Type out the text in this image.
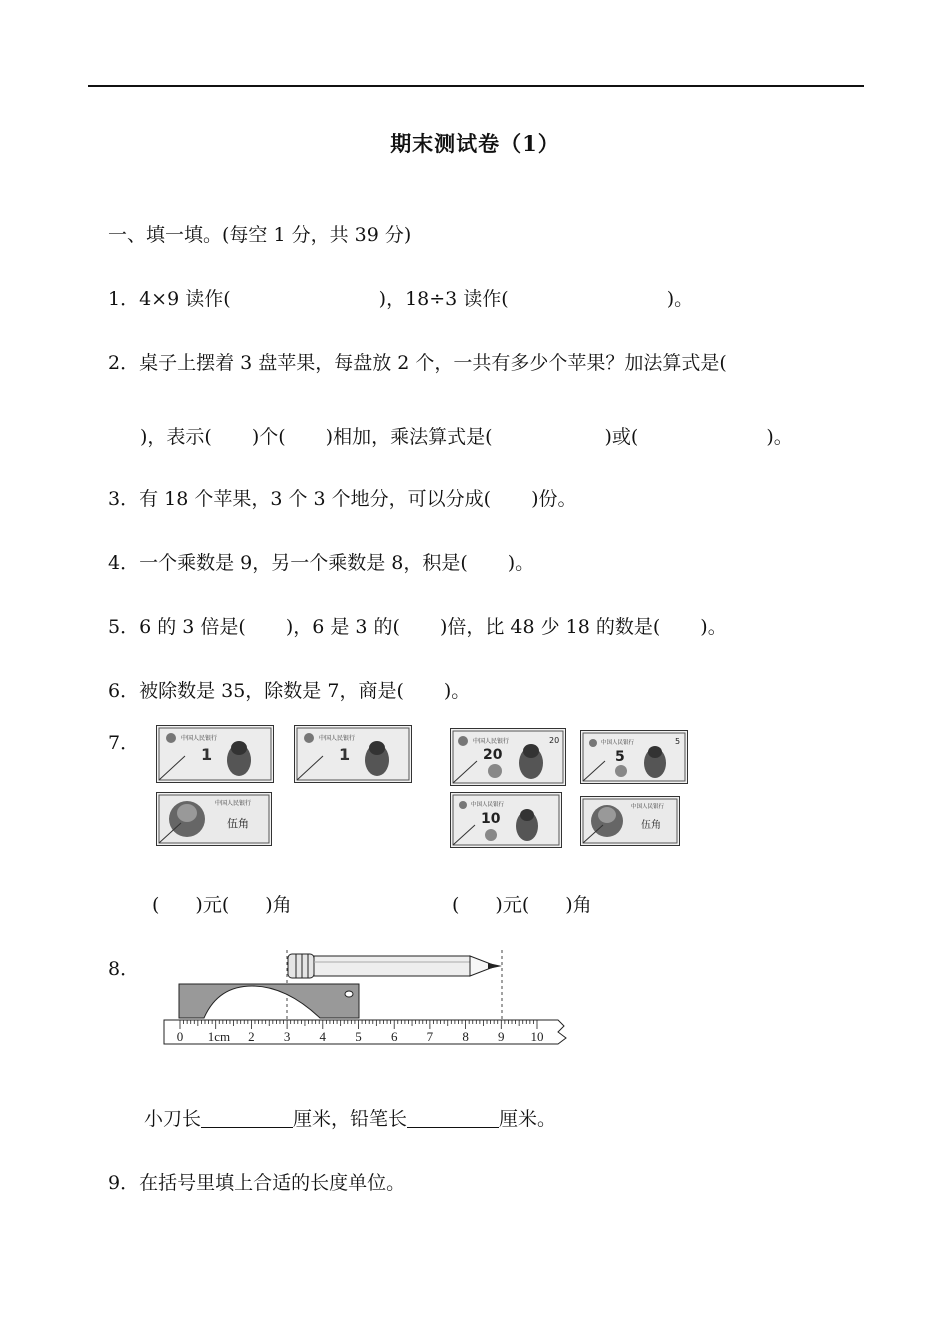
期末测试卷（1）
一、填一填。(每空 1 分，共 39 分)
1．4×9 读作(	)，18÷3 读作(	)。
2．桌子上摆着 3 盘苹果，每盘放 2 个，一共有多少个苹果？加法算式是(
)，表示( )个( )相加，乘法算式是(	)或(	)。
3．有 18 个苹果，3 个 3 个地分，可以分成( )份。
4．一个乘数是 9，另一个乘数是 8，积是( )。
5．6 的 3 倍是( )，6 是 3 的( )倍，比 48 少 18 的数是( )。
6．被除数是 35，除数是 7，商是( )。
7．	中国人民银行
1
中国人民银行
1
中国人民银行
伍角
中国人民银行
20
20	中国人民银行
5
5
中国人民银行
10
中国人民银行
伍角
( )元( )角	( )元( )角
8．
0 1cm 2 3 4 5 6 7 8 9 10
小刀长	厘米，铅笔长	厘米。
9．在括号里填上合适的长度单位。
